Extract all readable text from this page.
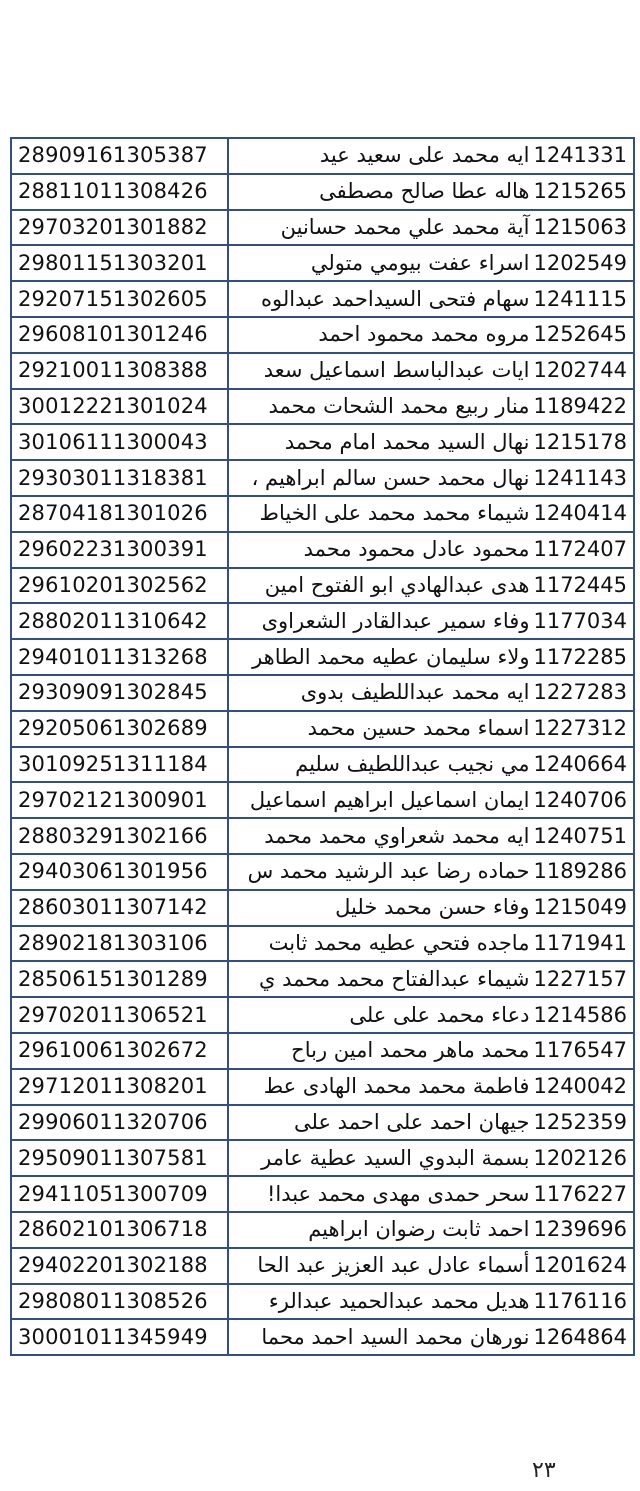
28909161305387	1241331ايه محمد على سعيد عيد
28811011308426	1215265هاله عطا صالح مصطفى
29703201301882	1215063آية محمد علي محمد حسانين
29801151303201	1202549اسراء عفت بيومي متولي
29207151302605	1241115سهام فتحى السيداحمد عبدالوه
29608101301246	1252645مروه محمد محمود احمد
29210011308388	1202744ايات عبدالباسط اسماعيل سعد
30012221301024	1189422منار ربيع محمد الشحات محمد
30106111300043	1215178نهال السيد محمد امام محمد
29303011318381	1241143نهال محمد حسن سالم ابراهيم ،
28704181301026	1240414شيماء محمد محمد على الخياط
29602231300391	1172407محمود عادل محمود محمد
29610201302562	1172445هدى عبدالهادي ابو الفتوح امين
28802011310642	1177034وفاء سمير عبدالقادر الشعراوى
29401011313268	1172285ولاء سليمان عطيه محمد الطاهر
29309091302845	1227283ايه محمد عبداللطيف بدوى
29205061302689	1227312اسماء محمد حسين محمد
30109251311184	1240664مي نجيب عبداللطيف سليم
29702121300901	1240706ايمان اسماعيل ابراهيم اسماعيل
28803291302166	1240751ايه محمد شعراوي محمد محمد
29403061301956	1189286حماده رضا عبد الرشيد محمد س
28603011307142	1215049وفاء حسن محمد خليل
28902181303106	1171941ماجده فتحي عطيه محمد ثابت
28506151301289	1227157شيماء عبدالفتاح محمد محمد ي
29702011306521	1214586دعاء محمد على على
29610061302672	1176547محمد ماهر محمد امين رباح
29712011308201	1240042فاطمة محمد محمد الهادى عط
29906011320706	1252359جيهان احمد على احمد على
29509011307581	1202126بسمة البدوي السيد عطية عامر
29411051300709	1176227سحر حمدى مهدى محمد عبدا!
28602101306718	1239696احمد ثابت رضوان ابراهيم
29402201302188	1201624أسماء عادل عبد العزيز عبد الحا
29808011308526	1176116هديل محمد عبدالحميد عبدالرء
30001011345949	1264864نورهان محمد السيد احمد محما
٢٣
